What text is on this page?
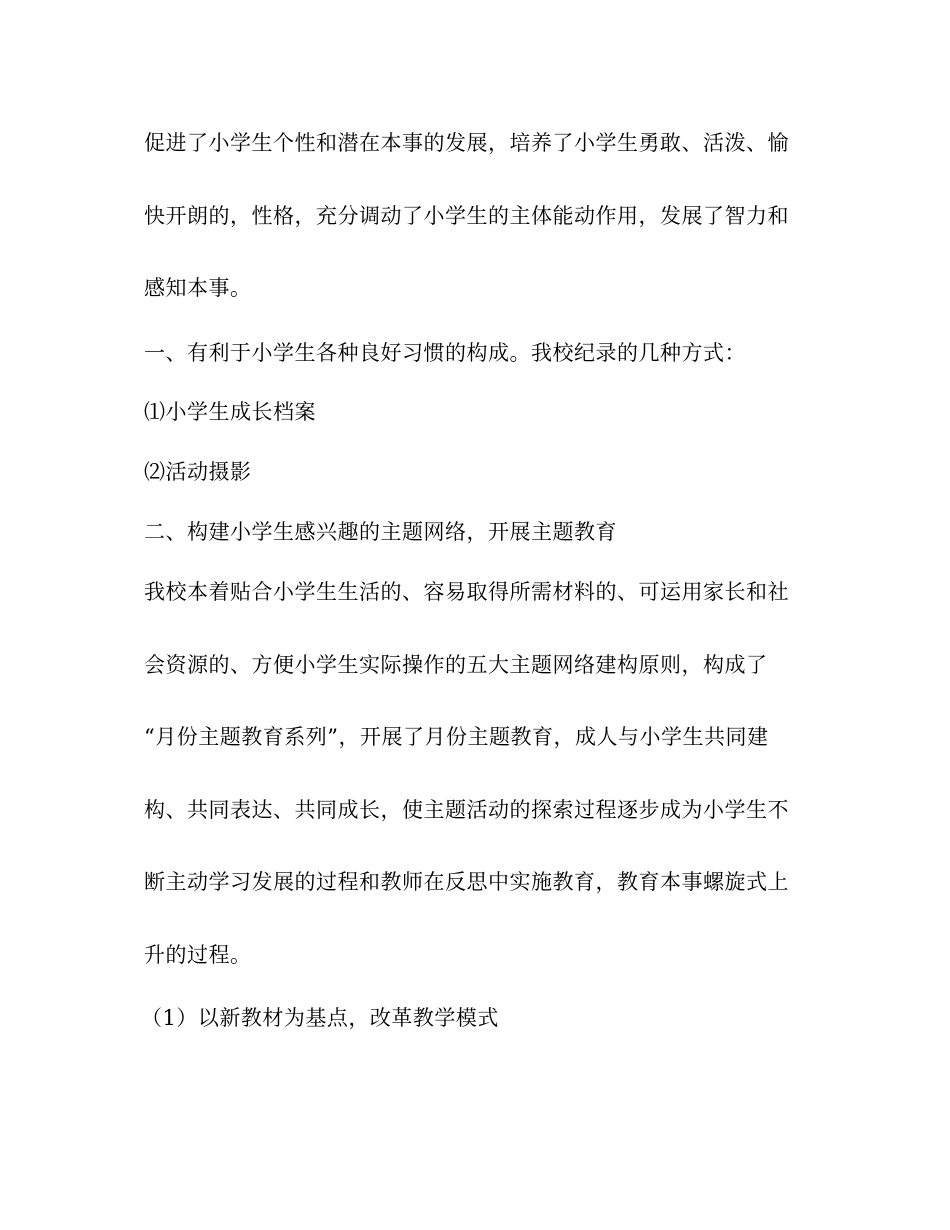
促进了小学生个性和潜在本事的发展，培养了小学生勇敢、活泼、愉
快开朗的，性格，充分调动了小学生的主体能动作用，发展了智力和
感知本事。
一、有利于小学生各种良好习惯的构成。我校纪录的几种方式：
⑴小学生成长档案
⑵活动摄影
二、构建小学生感兴趣的主题网络，开展主题教育
我校本着贴合小学生生活的、容易取得所需材料的、可运用家长和社
会资源的、方便小学生实际操作的五大主题网络建构原则，构成了
“月份主题教育系列”，开展了月份主题教育，成人与小学生共同建
构、共同表达、共同成长，使主题活动的探索过程逐步成为小学生不
断主动学习发展的过程和教师在反思中实施教育，教育本事螺旋式上
升的过程。
（1）以新教材为基点，改革教学模式
